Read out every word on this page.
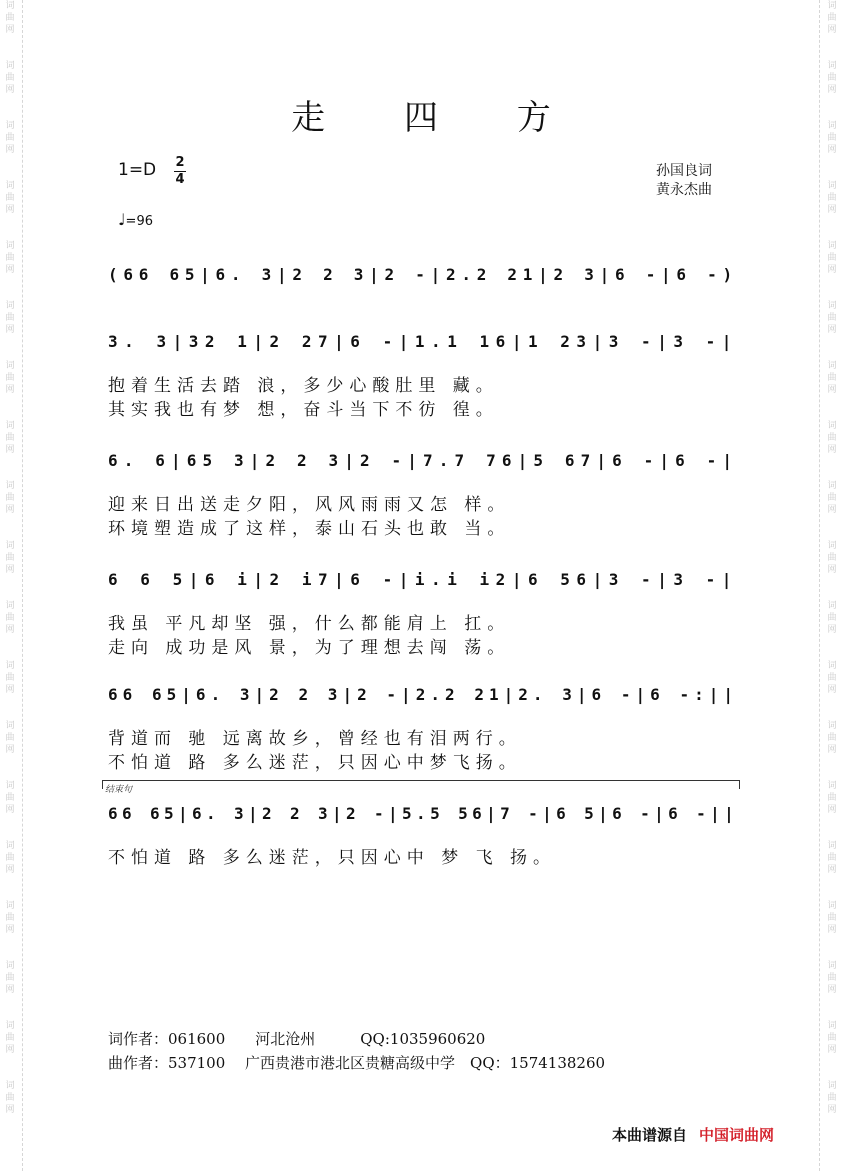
词
曲
网
词
曲
网
词
曲
网
词
曲
网
词
曲
网
词
曲
网
词
曲
网
词
曲
网
词
曲
网
词
曲
网
词
曲
网
词
曲
网
词
曲
网
词
曲
网
词
曲
网
词
曲
网
词
曲
网
词
曲
网
词
曲
网
词
曲
网
词
曲
网
词
曲
网
词
曲
网
词
曲
网
词
曲
网
词
曲
网
词
曲
网
词
曲
网
词
曲
网
词
曲
网
词
曲
网
词
曲
网
词
曲
网
词
曲
网
词
曲
网
词
曲
网
词
曲
网
词
曲
网
走 四 方
1=D 2
4
♩=96
孙国良词
黄永杰曲
结束句
(66 65|6. 3|2 2 3|2 -|2.2 21|2 3|6 -|6 -)
3. 3|32 1|2 27|6 -|1.1 16|1 23|3 -|3 -|
抱着生活去踏 浪，多少心酸肚里 藏。
其实我也有梦 想，奋斗当下不彷 徨。
6. 6|65 3|2 2 3|2 -|7.7 76|5 67|6 -|6 -|
迎来日出送走夕阳，风风雨雨又怎 样。
环境塑造成了这样，泰山石头也敢 当。
6 6 5|6 i|2 i7|6 -|i.i i2|6 56|3 -|3 -|
我虽 平凡却坚 强，什么都能肩上 扛。
走向 成功是风 景，为了理想去闯 荡。
66 65|6. 3|2 2 3|2 -|2.2 21|2. 3|6 -|6 -:||
背道而 驰 远离故乡，曾经也有泪两行。
不怕道 路 多么迷茫，只因心中梦飞扬。
66 65|6. 3|2 2 3|2 -|5.5 56|7 -|6 5|6 -|6 -||
不怕道 路 多么迷茫，只因心中 梦 飞 扬。
词作者：061600　　河北沧州　　　QQ:1035960620
曲作者：537100　 广西贵港市港北区贵糖高级中学　QQ：1574138260
本曲谱源自 中国词曲网
